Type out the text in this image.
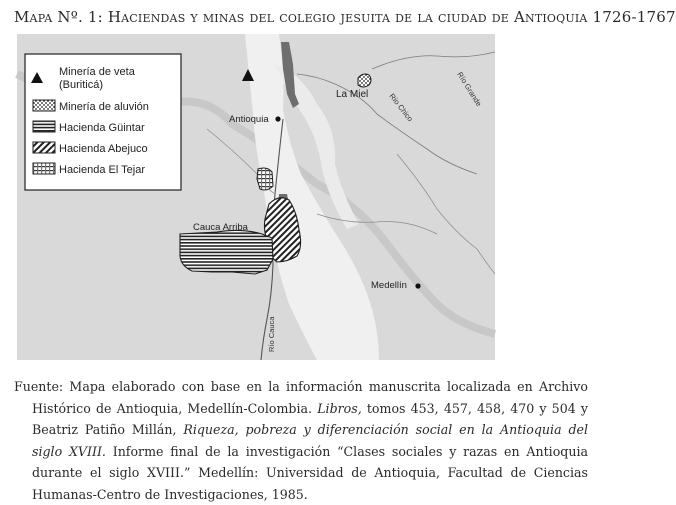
Mapa Nº. 1: Haciendas y minas del colegio jesuita de la ciudad de Antioquia 1726-1767
La Miel
Antioquia
Cauca Arriba
Medellín
Río Chico	Río Grande
Río Cauca
Minería de veta
(Buriticá)
Minería de aluvión
Hacienda Güintar
Hacienda Abejuco
Hacienda El Tejar
Fuente: Mapa elaborado con base en la información manuscrita localizada en Archivo Histórico de Antioquia, Medellín-Colombia. Libros, tomos 453, 457, 458, 470 y 504 y Beatriz Patiño Millán, Riqueza, pobreza y diferenciación social en la Antioquia del siglo XVIII. Informe final de la investigación “Clases sociales y razas en Antioquia durante el siglo XVIII.” Medellín: Universidad de Antioquia, Facultad de Ciencias Humanas-Centro de Investigaciones, 1985.
